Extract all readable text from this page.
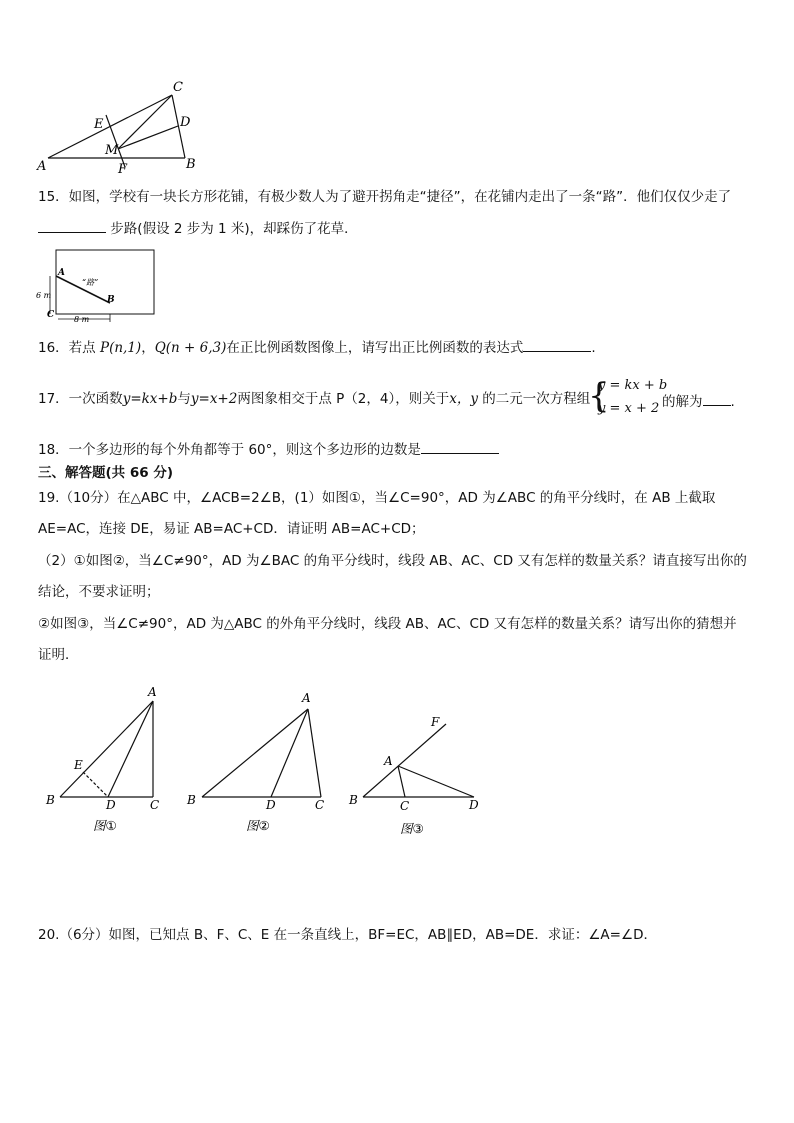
C
D
E
M
A	F	B
15．如图，学校有一块长方形花铺，有极少数人为了避开拐角走“捷径”，在花铺内走出了一条“路”．他们仅仅少走了
步路(假设 2 步为 1 米)，却踩伤了花草．
A
B
C
“路”
6 m
8 m
16．若点 P(n,1)，Q(n + 6,3)在正比例函数图像上，请写出正比例函数的表达式	.
17．一次函数y=kx+b与y=x+2两图象相交于点 P（2，4），则关于x，y 的二元一次方程组
{
y = kx + b
y = x + 2 的解为 .
18．一个多边形的每个外角都等于 60°，则这个多边形的边数是
三、解答题(共 66 分)
19.（10分）在△ABC 中，∠ACB=2∠B，(1）如图①，当∠C=90°，AD 为∠ABC 的角平分线时，在 AB 上截取
AE=AC，连接 DE，易证 AB=AC+CD．请证明 AB=AC+CD；
（2）①如图②，当∠C≠90°，AD 为∠BAC 的角平分线时，线段 AB、AC、CD 又有怎样的数量关系？请直接写出你的
结论，不要求证明；
②如图③，当∠C≠90°，AD 为△ABC 的外角平分线时，线段 AB、AC、CD 又有怎样的数量关系？请写出你的猜想并
证明．
A
E
B	D	C
图①
A
B	D	C
图②
F
A
B	C	D
图③
20.（6分）如图，已知点 B、F、C、E 在一条直线上，BF=EC，AB∥ED，AB=DE．求证：∠A=∠D．
